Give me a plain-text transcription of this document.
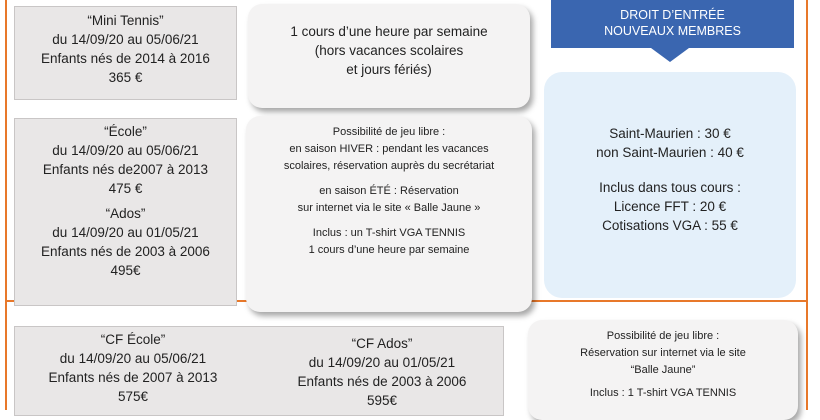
DROIT D’ENTRÉE
NOUVEAUX MEMBRES
“Mini Tennis”
du 14/09/20 au 05/06/21
Enfants nés de 2014 à 2016
365 €
1 cours d’une heure par semaine
(hors vacances scolaires
et jours fériés)
“École”
du 14/09/20 au 05/06/21
Enfants nés de2007 à 2013
475 €
“Ados”
du 14/09/20 au 01/05/21
Enfants nés de 2003 à 2006
495€
Possibilité de jeu libre :
en saison HIVER : pendant les vacances
scolaires, réservation auprès du secrétariat
en saison ÉTÉ : Réservation
sur internet via le site « Balle Jaune »
Inclus : un T-shirt VGA TENNIS
1 cours d’une heure par semaine
Saint-Maurien : 30 €
non Saint-Maurien : 40 €
Inclus dans tous cours :
Licence FFT : 20 €
Cotisations VGA : 55 €
“CF École”
du 14/09/20 au 05/06/21
Enfants nés de 2007 à 2013
575€
“CF Ados”
du 14/09/20 au 01/05/21
Enfants nés de 2003 à 2006
595€
Possibilité de jeu libre :
Réservation sur internet via le site
“Balle Jaune”
Inclus : 1 T-shirt VGA TENNIS
